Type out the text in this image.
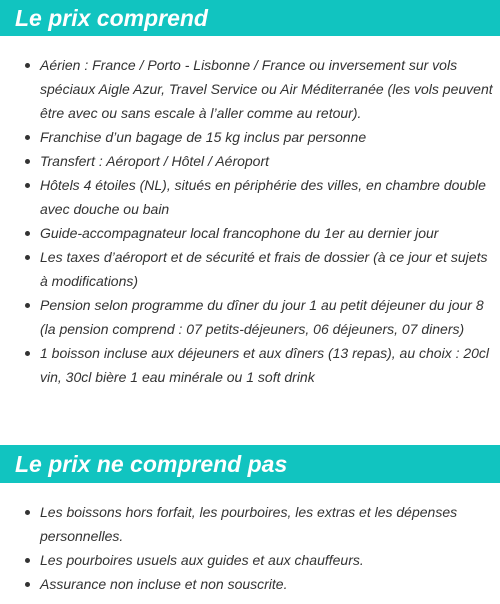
Le prix comprend
Aérien : France / Porto - Lisbonne / France ou inversement sur vols spéciaux Aigle Azur, Travel Service ou Air Méditerranée (les vols peuvent être avec ou sans escale à l’aller comme au retour).
Franchise d’un bagage de 15 kg inclus par personne
Transfert : Aéroport / Hôtel / Aéroport
Hôtels 4 étoiles (NL), situés en périphérie des villes, en chambre double avec douche ou bain
Guide-accompagnateur local francophone du 1er au dernier jour
Les taxes d’aéroport et de sécurité et frais de dossier (à ce jour et sujets à modifications)
Pension selon programme du dîner du jour 1 au petit déjeuner du jour 8 (la pension comprend : 07 petits-déjeuners, 06 déjeuners, 07 diners)
1 boisson incluse aux déjeuners et aux dîners (13 repas), au choix : 20cl vin, 30cl bière 1 eau minérale ou 1 soft drink
Le prix ne comprend pas
Les boissons hors forfait, les pourboires, les extras et les dépenses personnelles.
Les pourboires usuels aux guides et aux chauffeurs.
Assurance non incluse et non souscrite.
